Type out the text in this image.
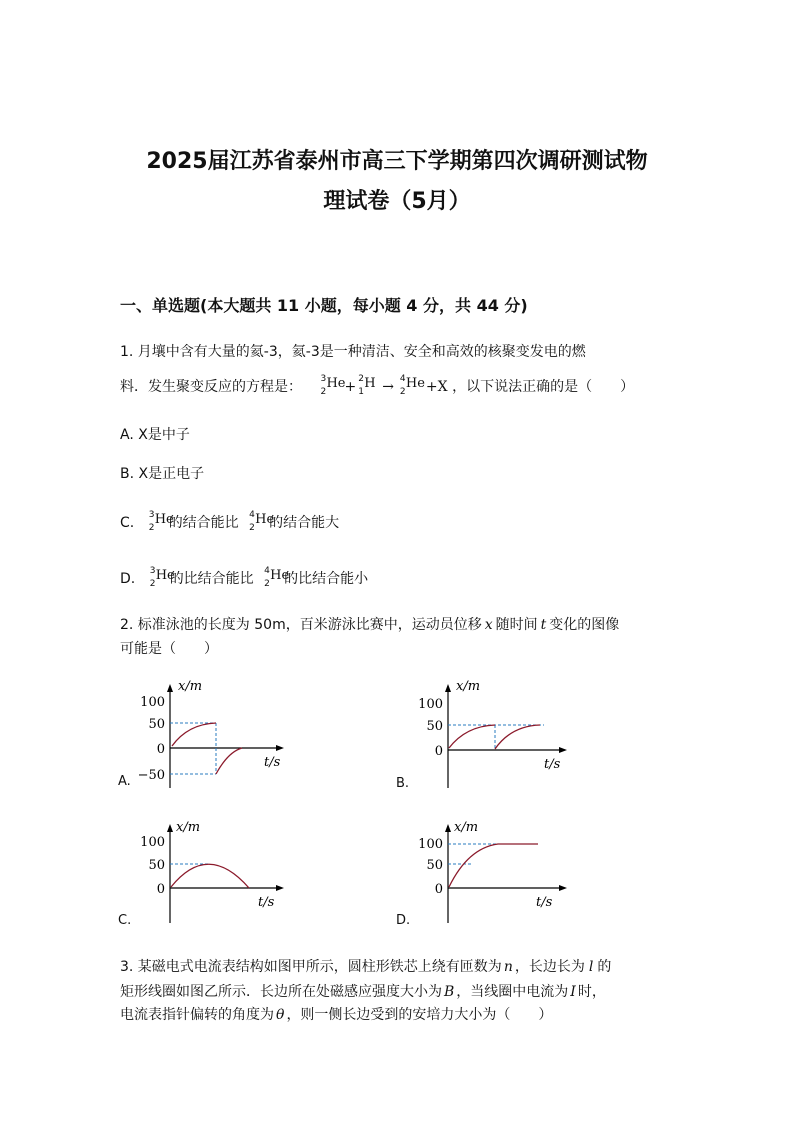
2025届江苏省泰州市高三下学期第四次调研测试物
理试卷（5月）
一、单选题(本大题共 11 小题，每小题 4 分，共 44 分)
1. 月壤中含有大量的氦-3，氦-3是一种清洁、安全和高效的核聚变发电的燃
料．发生聚变反应的方程是： 3
2
He
+ 2
1
H → 4
2
He +X ，以下说法正确的是（　　）
A. X是中子
B. X是正电子
C. 3
2
He
的结合能比 4
2
He
的结合能大
D. 3
2
He
的比结合能比 4
2
He
的比结合能小
2. 标准泳池的长度为 50m，百米游泳比赛中，运动员位移 x 随时间 t 变化的图像
可能是（　　）
x/m
t/s
100
50
0
−50
A.
x/m
t/s
100
50
0
B.
x/m
t/s
100
50
0
C.
x/m
t/s
100
50
0
D.
3. 某磁电式电流表结构如图甲所示，圆柱形铁芯上绕有匝数为 n ，长边长为 l 的
矩形线圈如图乙所示．长边所在处磁感应强度大小为 B ，当线圈中电流为 I 时，
电流表指针偏转的角度为 θ ，则一侧长边受到的安培力大小为（　　）
